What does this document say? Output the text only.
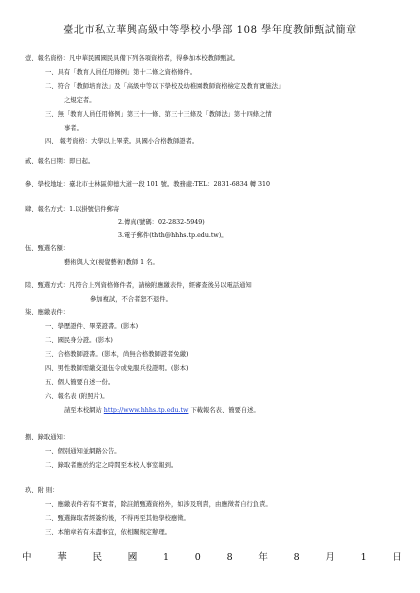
臺北市私立華興高級中等學校小學部 108 學年度教師甄試簡章
壹、報名資格：凡中華民國國民具備下列各項資格者，得參加本校教師甄試。
一、具有「教育人員任用條例」第十二條之資格條件。
二、符合「教師培育法」及「高級中等以下學校及幼稚園教師資格檢定及教育實施法」
之規定者。
三、無「教育人員任用條例」第三十一條、第三十三條及「教師法」第十四條之情
事者。
四、 報考資格：大學以上畢業。具國小合格教師證者。
貳、報名日期：即日起。
參、學校地址：臺北市士林區仰德大道一段 101 號。教務處:TEL：2831-6834 轉 310
肆、報名方式：1.以掛號信件郵寄
2.傳真(號碼：02-2832-5949)
3.電子郵件(thth@hhhs.tp.edu.tw)。
伍、甄選名額：
藝術與人文(視覺藝術)教師 1 名。
陸、甄選方式：凡符合上列資格條件者，請檢附應繳表件，經審查後另以電話通知
參加複試，不合者恕不退件。
柒、應繳表件：
一、學歷證件、畢業證書。(影本)
二、國民身分證。(影本)
三、合格教師證書。(影本，尚無合格教師證者免繳)
四、男性教師需繳交退伍令或免服兵役證明。(影本)
五、個人簡要自述一份。
六、報名表 (附照片)。
請至本校網站 http://www.hhhs.tp.edu.tw 下載報名表、簡要自述。
捌、錄取通知：
一、個別通知並網路公告。
二、錄取者應於約定之時間至本校人事室報到。
玖、附 則：
一、應繳表件若有不實者，除註銷甄選資格外，如涉及刑責，由應徵者自行負責。
二、甄選錄取者經簽約後，不得再至其他學校應徵。
三、本簡章若有未盡事宜，依相關規定辦理。
中	華	民	國	1	0	8	年	8	月	1	日
